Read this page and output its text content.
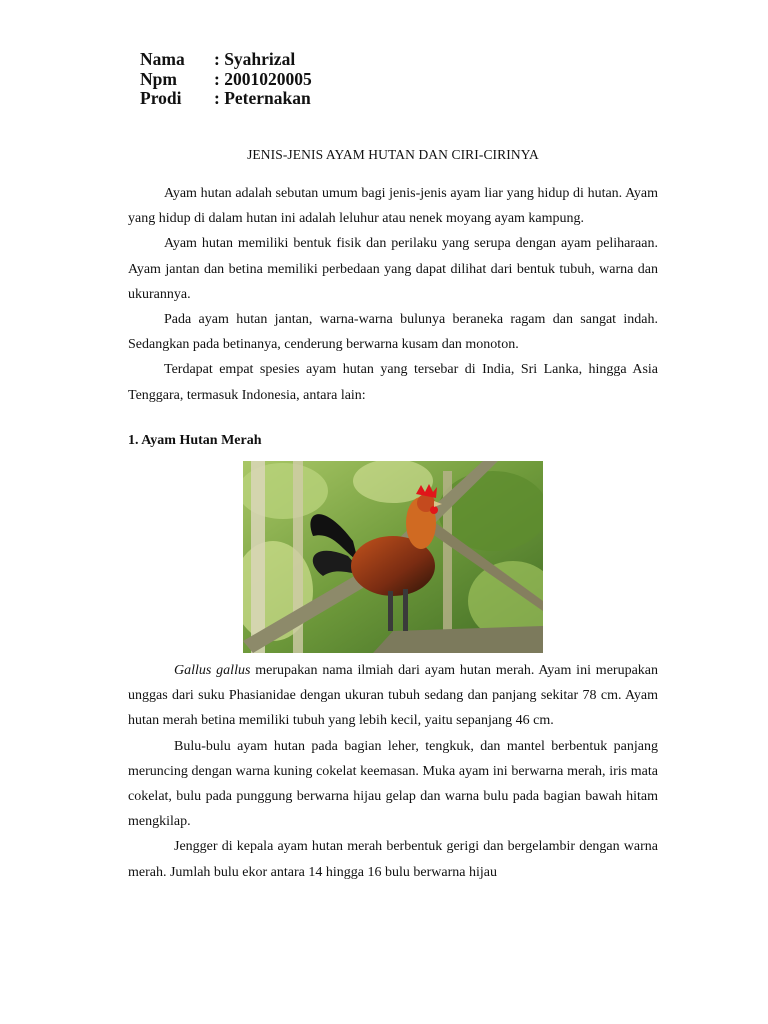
Nama	: Syahrizal
Npm	: 2001020005
Prodi	: Peternakan
JENIS-JENIS AYAM HUTAN DAN CIRI-CIRINYA

Ayam hutan adalah sebutan umum bagi jenis-jenis ayam liar yang hidup di hutan. Ayam yang hidup di dalam hutan ini adalah leluhur atau nenek moyang ayam kampung.

Ayam hutan memiliki bentuk fisik dan perilaku yang serupa dengan ayam peliharaan. Ayam jantan dan betina memiliki perbedaan yang dapat dilihat dari bentuk tubuh, warna dan ukurannya.

Pada ayam hutan jantan, warna-warna bulunya beraneka ragam dan sangat indah. Sedangkan pada betinanya, cenderung berwarna kusam dan monoton.

Terdapat empat spesies ayam hutan yang tersebar di India, Sri Lanka, hingga Asia Tenggara, termasuk Indonesia, antara lain:

1. Ayam Hutan Merah

Gallus gallus merupakan nama ilmiah dari ayam hutan merah. Ayam ini merupakan unggas dari suku Phasianidae dengan ukuran tubuh sedang dan panjang sekitar 78 cm. Ayam hutan merah betina memiliki tubuh yang lebih kecil, yaitu sepanjang 46 cm.

Bulu-bulu ayam hutan pada bagian leher, tengkuk, dan mantel berbentuk panjang meruncing dengan warna kuning cokelat keemasan. Muka ayam ini berwarna merah, iris mata cokelat, bulu pada punggung berwarna hijau gelap dan warna bulu pada bagian bawah hitam mengkilap.

Jengger di kepala ayam hutan merah berbentuk gerigi dan bergelambir dengan warna merah. Jumlah bulu ekor antara 14 hingga 16 bulu berwarna hijau
